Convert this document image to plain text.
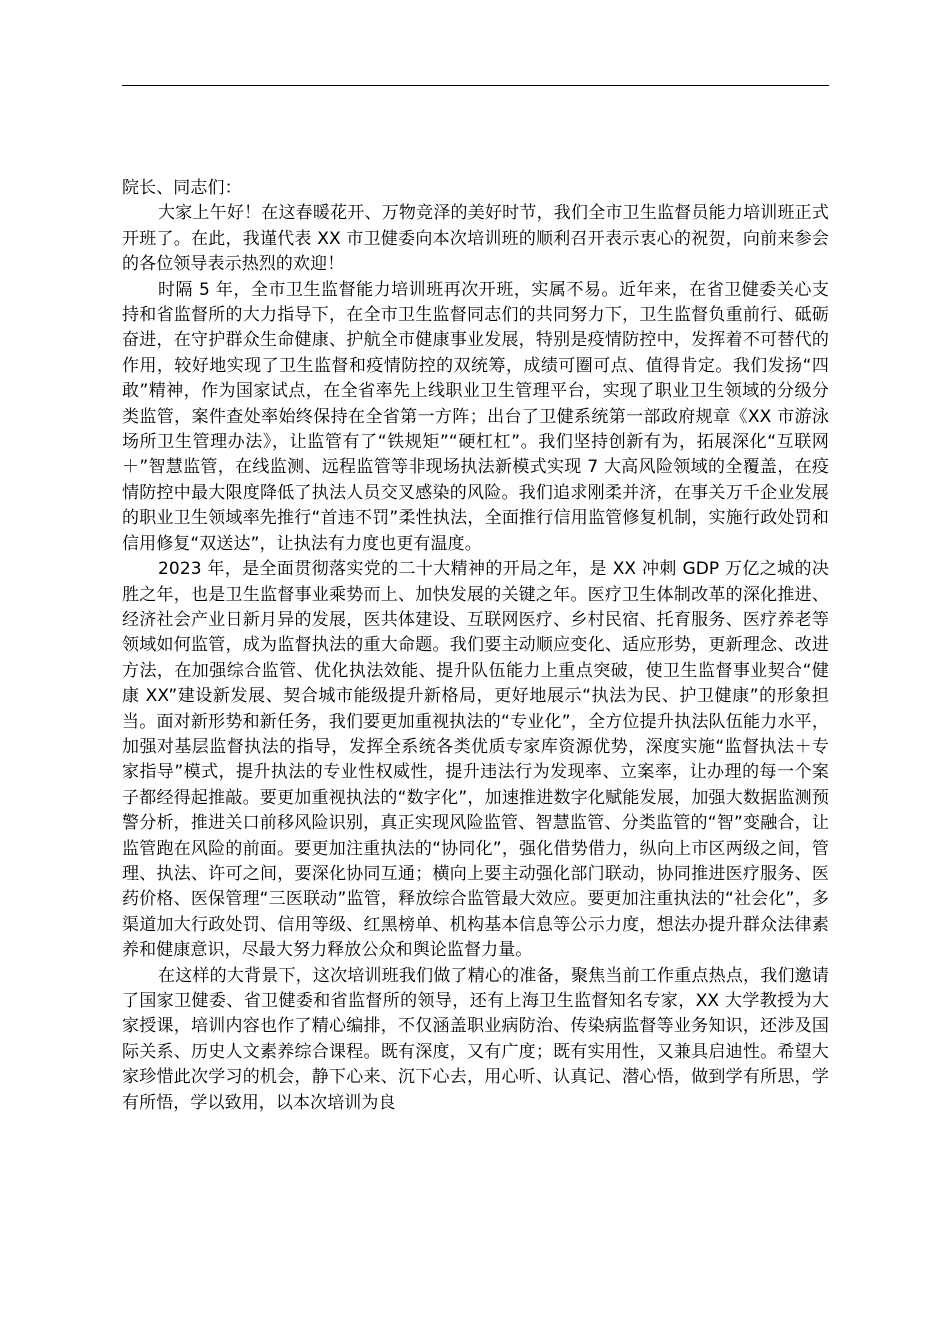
院长、同志们：

大家上午好！在这春暖花开、万物竞泽的美好时节，我们全市卫生监督员能力培训班正式开班了。在此，我谨代表 XX 市卫健委向本次培训班的顺利召开表示衷心的祝贺，向前来参会的各位领导表示热烈的欢迎！

时隔 5 年，全市卫生监督能力培训班再次开班，实属不易。近年来，在省卫健委关心支持和省监督所的大力指导下，在全市卫生监督同志们的共同努力下，卫生监督负重前行、砥砺奋进，在守护群众生命健康、护航全市健康事业发展，特别是疫情防控中，发挥着不可替代的作用，较好地实现了卫生监督和疫情防控的双统筹，成绩可圈可点、值得肯定。我们发扬“四敢”精神，作为国家试点，在全省率先上线职业卫生管理平台，实现了职业卫生领域的分级分类监管，案件查处率始终保持在全省第一方阵；出台了卫健系统第一部政府规章《XX 市游泳场所卫生管理办法》，让监管有了“铁规矩”“硬杠杠”。我们坚持创新有为，拓展深化“互联网＋”智慧监管，在线监测、远程监管等非现场执法新模式实现 7 大高风险领域的全覆盖，在疫情防控中最大限度降低了执法人员交叉感染的风险。我们追求刚柔并济，在事关万千企业发展的职业卫生领域率先推行“首违不罚”柔性执法，全面推行信用监管修复机制，实施行政处罚和信用修复“双送达”，让执法有力度也更有温度。

2023 年，是全面贯彻落实党的二十大精神的开局之年，是 XX 冲刺 GDP 万亿之城的决胜之年，也是卫生监督事业乘势而上、加快发展的关键之年。医疗卫生体制改革的深化推进、经济社会产业日新月异的发展，医共体建设、互联网医疗、乡村民宿、托育服务、医疗养老等领域如何监管，成为监督执法的重大命题。我们要主动顺应变化、适应形势，更新理念、改进方法，在加强综合监管、优化执法效能、提升队伍能力上重点突破，使卫生监督事业契合“健康 XX”建设新发展、契合城市能级提升新格局，更好地展示“执法为民、护卫健康”的形象担当。面对新形势和新任务，我们要更加重视执法的“专业化”，全方位提升执法队伍能力水平，加强对基层监督执法的指导，发挥全系统各类优质专家库资源优势，深度实施“监督执法＋专家指导”模式，提升执法的专业性权威性，提升违法行为发现率、立案率，让办理的每一个案子都经得起推敲。要更加重视执法的“数字化”，加速推进数字化赋能发展，加强大数据监测预警分析，推进关口前移风险识别，真正实现风险监管、智慧监管、分类监管的“智”变融合，让监管跑在风险的前面。要更加注重执法的“协同化”，强化借势借力，纵向上市区两级之间，管理、执法、许可之间，要深化协同互通；横向上要主动强化部门联动，协同推进医疗服务、医药价格、医保管理“三医联动”监管，释放综合监管最大效应。要更加注重执法的“社会化”，多渠道加大行政处罚、信用等级、红黑榜单、机构基本信息等公示力度，想法办提升群众法律素养和健康意识，尽最大努力释放公众和舆论监督力量。

在这样的大背景下，这次培训班我们做了精心的准备，聚焦当前工作重点热点，我们邀请了国家卫健委、省卫健委和省监督所的领导，还有上海卫生监督知名专家，XX 大学教授为大家授课，培训内容也作了精心编排，不仅涵盖职业病防治、传染病监督等业务知识，还涉及国际关系、历史人文素养综合课程。既有深度，又有广度；既有实用性，又兼具启迪性。希望大家珍惜此次学习的机会，静下心来、沉下心去，用心听、认真记、潜心悟，做到学有所思，学有所悟，学以致用，以本次培训为良
